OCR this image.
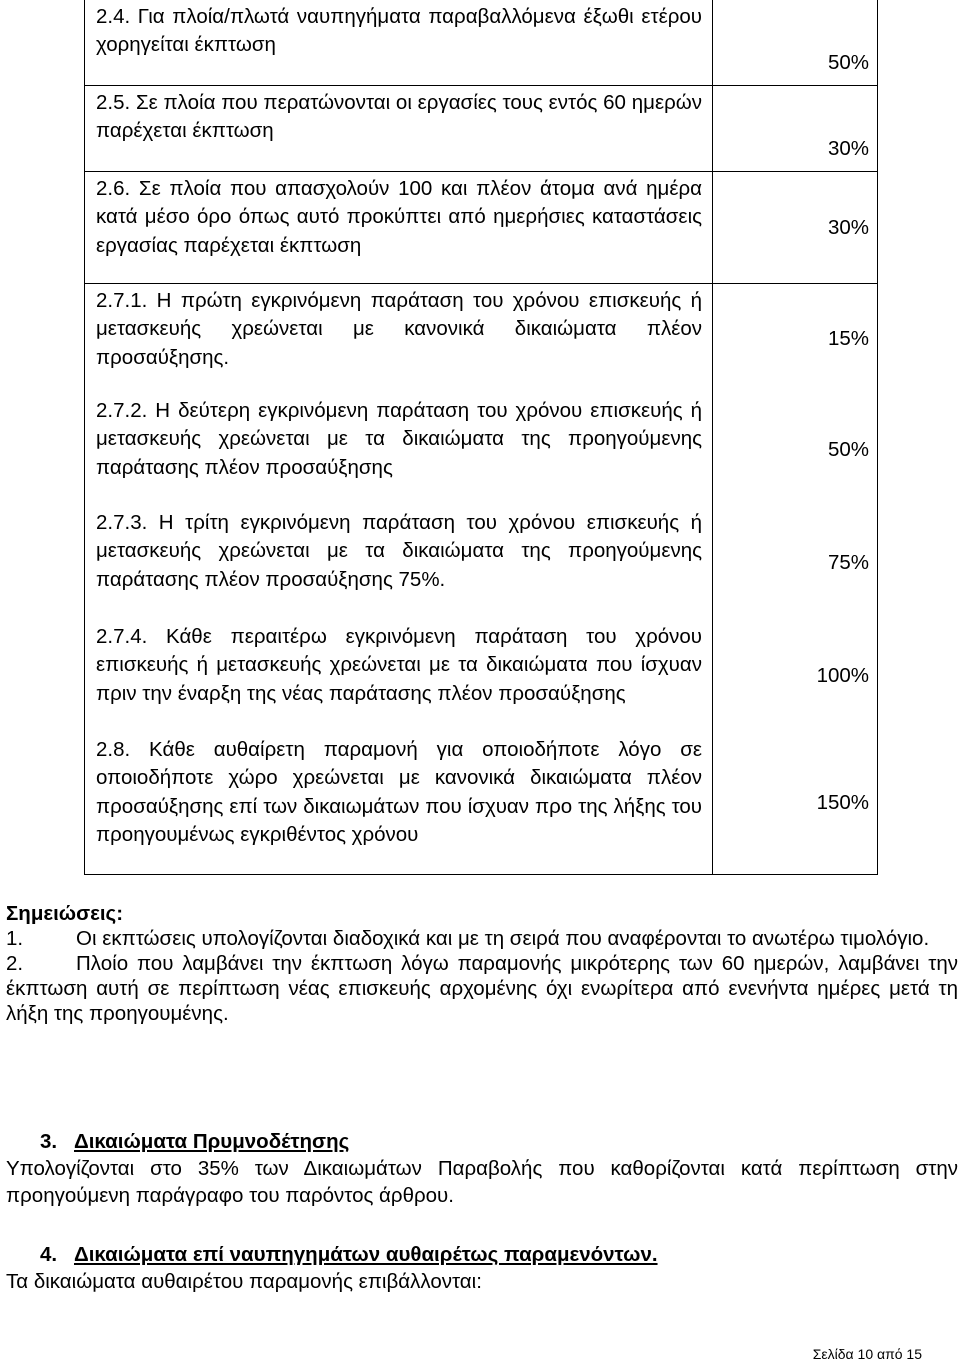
2.4. Για πλοία/πλωτά ναυπηγήματα παραβαλλόμενα έξωθι ετέρου χορηγείται έκπτωση
50%
2.5. Σε πλοία που περατώνονται οι εργασίες τους εντός 60 ημερών παρέχεται έκπτωση
30%
2.6. Σε πλοία που απασχολούν 100 και πλέον άτομα ανά ημέρα κατά μέσο όρο όπως αυτό προκύπτει από ημερήσιες καταστάσεις εργασίας παρέχεται έκπτωση
30%
2.7.1. Η πρώτη εγκρινόμενη παράταση του χρόνου επισκευής ή μετασκευής χρεώνεται με κανονικά δικαιώματα πλέον προσαύξησης.
15%
2.7.2. Η δεύτερη εγκρινόμενη παράταση του χρόνου επισκευής ή μετασκευής χρεώνεται με τα δικαιώματα της προηγούμενης παράτασης πλέον προσαύξησης
50%
2.7.3. Η τρίτη εγκρινόμενη παράταση του χρόνου επισκευής ή μετασκευής χρεώνεται με τα δικαιώματα της προηγούμενης παράτασης πλέον προσαύξησης 75%.
75%
2.7.4. Κάθε περαιτέρω εγκρινόμενη παράταση του χρόνου επισκευής ή μετασκευής χρεώνεται με τα δικαιώματα που ίσχυαν πριν την έναρξη της νέας παράτασης πλέον προσαύξησης
100%
2.8. Κάθε αυθαίρετη παραμονή για οποιοδήποτε λόγο σε οποιοδήποτε χώρο χρεώνεται με κανονικά δικαιώματα πλέον προσαύξησης επί των δικαιωμάτων που ίσχυαν προ της λήξης του προηγουμένως εγκριθέντος χρόνου
150%
Σημειώσεις:
1.	Οι εκπτώσεις υπολογίζονται διαδοχικά και με τη σειρά που αναφέρονται το ανωτέρω τιμολόγιο.
2.	Πλοίο που λαμβάνει την έκπτωση λόγω παραμονής μικρότερης των 60 ημερών, λαμβάνει την έκπτωση αυτή σε περίπτωση νέας επισκευής αρχομένης όχι ενωρίτερα από ενενήντα ημέρες μετά τη λήξη της προηγουμένης.
3. Δικαιώματα Πρυμνοδέτησης
Υπολογίζονται στο 35% των Δικαιωμάτων Παραβολής που καθορίζονται κατά περίπτωση στην προηγούμενη παράγραφο του παρόντος άρθρου.
4. Δικαιώματα επί ναυπηγημάτων αυθαιρέτως παραμενόντων.
Τα δικαιώματα αυθαιρέτου παραμονής επιβάλλονται:
Σελίδα 10 από 15
